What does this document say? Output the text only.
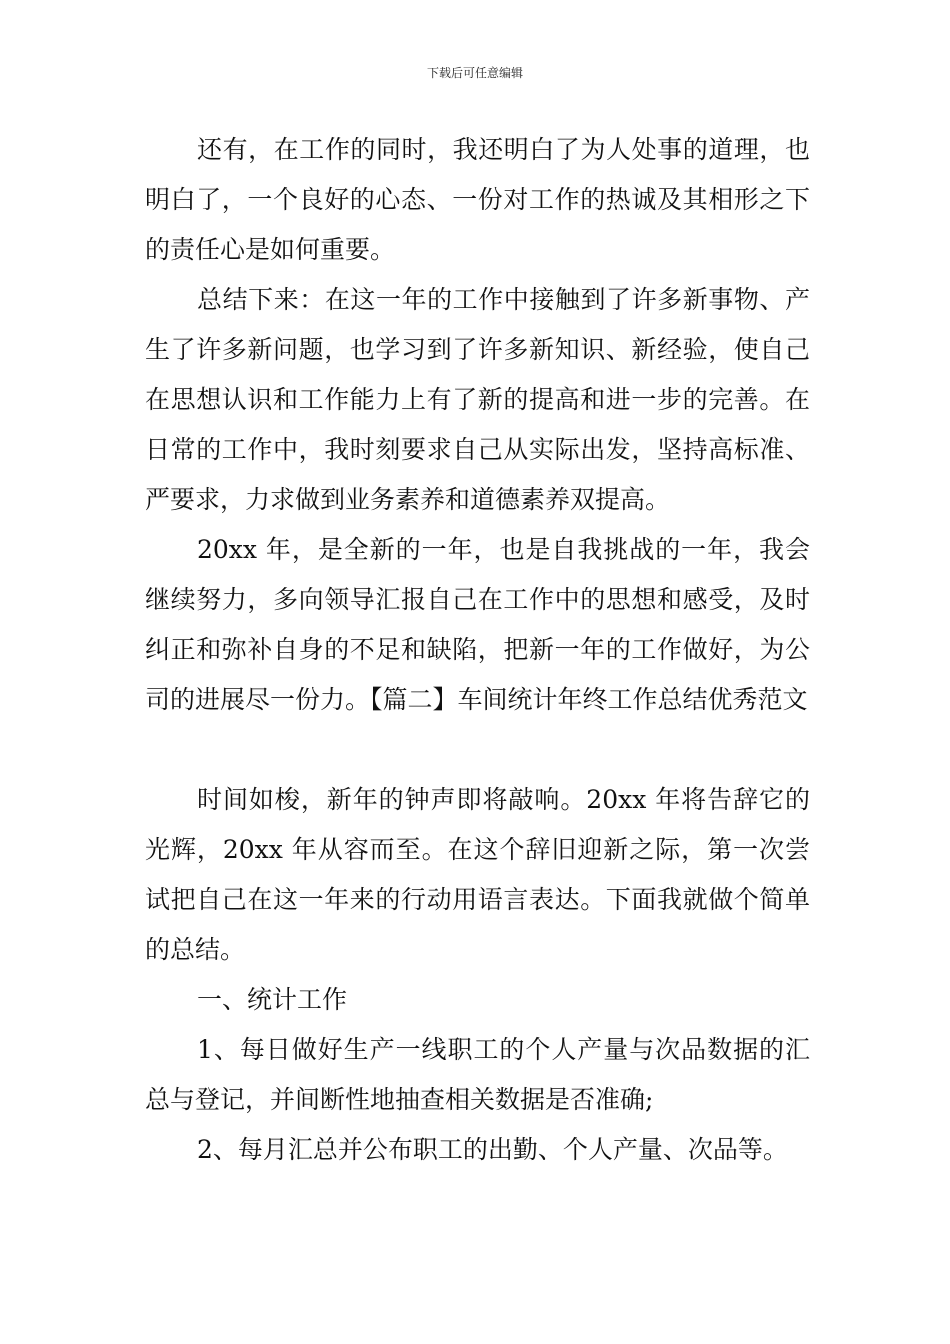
下载后可任意编辑

还有，在工作的同时，我还明白了为人处事的道理，也明白了，一个良好的心态、一份对工作的热诚及其相形之下的责任心是如何重要。

总结下来：在这一年的工作中接触到了许多新事物、产生了许多新问题，也学习到了许多新知识、新经验，使自己在思想认识和工作能力上有了新的提高和进一步的完善。在日常的工作中，我时刻要求自己从实际出发，坚持高标准、严要求，力求做到业务素养和道德素养双提高。

20xx 年，是全新的一年，也是自我挑战的一年，我会继续努力，多向领导汇报自己在工作中的思想和感受，及时纠正和弥补自身的不足和缺陷，把新一年的工作做好，为公司的进展尽一份力。【篇二】车间统计年终工作总结优秀范文

时间如梭，新年的钟声即将敲响。20xx 年将告辞它的光辉，20xx 年从容而至。在这个辞旧迎新之际，第一次尝试把自己在这一年来的行动用语言表达。下面我就做个简单的总结。

一、统计工作

1、每日做好生产一线职工的个人产量与次品数据的汇总与登记，并间断性地抽查相关数据是否准确;

2、每月汇总并公布职工的出勤、个人产量、次品等。
